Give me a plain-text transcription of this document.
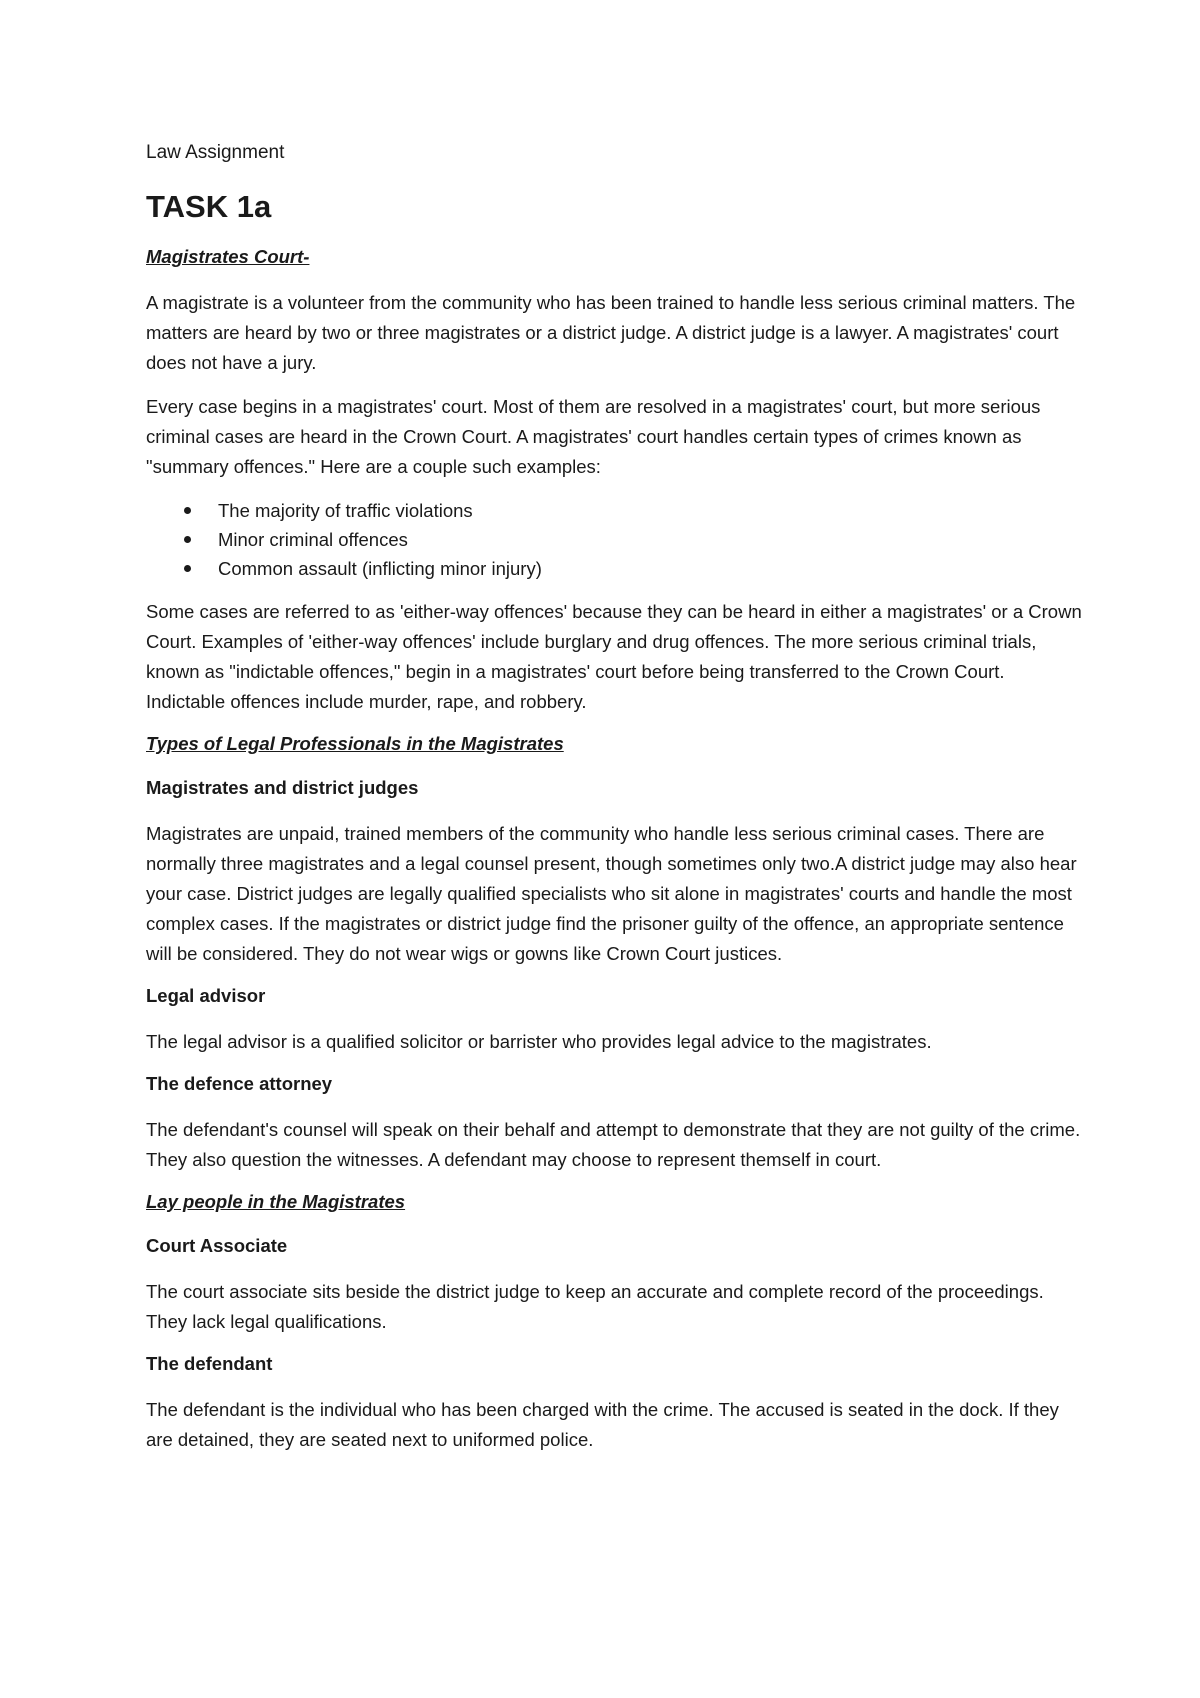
Law Assignment

TASK 1a

Magistrates Court-

A magistrate is a volunteer from the community who has been trained to handle less serious criminal matters. The matters are heard by two or three magistrates or a district judge. A district judge is a lawyer. A magistrates' court does not have a jury.

Every case begins in a magistrates' court. Most of them are resolved in a magistrates' court, but more serious criminal cases are heard in the Crown Court. A magistrates' court handles certain types of crimes known as "summary offences." Here are a couple such examples:

The majority of traffic violations
Minor criminal offences
Common assault (inflicting minor injury)

Some cases are referred to as 'either-way offences' because they can be heard in either a magistrates' or a Crown Court. Examples of 'either-way offences' include burglary and drug offences. The more serious criminal trials, known as "indictable offences," begin in a magistrates' court before being transferred to the Crown Court. Indictable offences include murder, rape, and robbery.

Types of Legal Professionals in the Magistrates

Magistrates and district judges

Magistrates are unpaid, trained members of the community who handle less serious criminal cases. There are normally three magistrates and a legal counsel present, though sometimes only two.A district judge may also hear your case. District judges are legally qualified specialists who sit alone in magistrates' courts and handle the most complex cases. If the magistrates or district judge find the prisoner guilty of the offence, an appropriate sentence will be considered. They do not wear wigs or gowns like Crown Court justices.

Legal advisor

The legal advisor is a qualified solicitor or barrister who provides legal advice to the magistrates.

The defence attorney

The defendant's counsel will speak on their behalf and attempt to demonstrate that they are not guilty of the crime. They also question the witnesses. A defendant may choose to represent themself in court.

Lay people in the Magistrates

Court Associate

The court associate sits beside the district judge to keep an accurate and complete record of the proceedings. They lack legal qualifications.

The defendant

The defendant is the individual who has been charged with the crime. The accused is seated in the dock. If they are detained, they are seated next to uniformed police.
